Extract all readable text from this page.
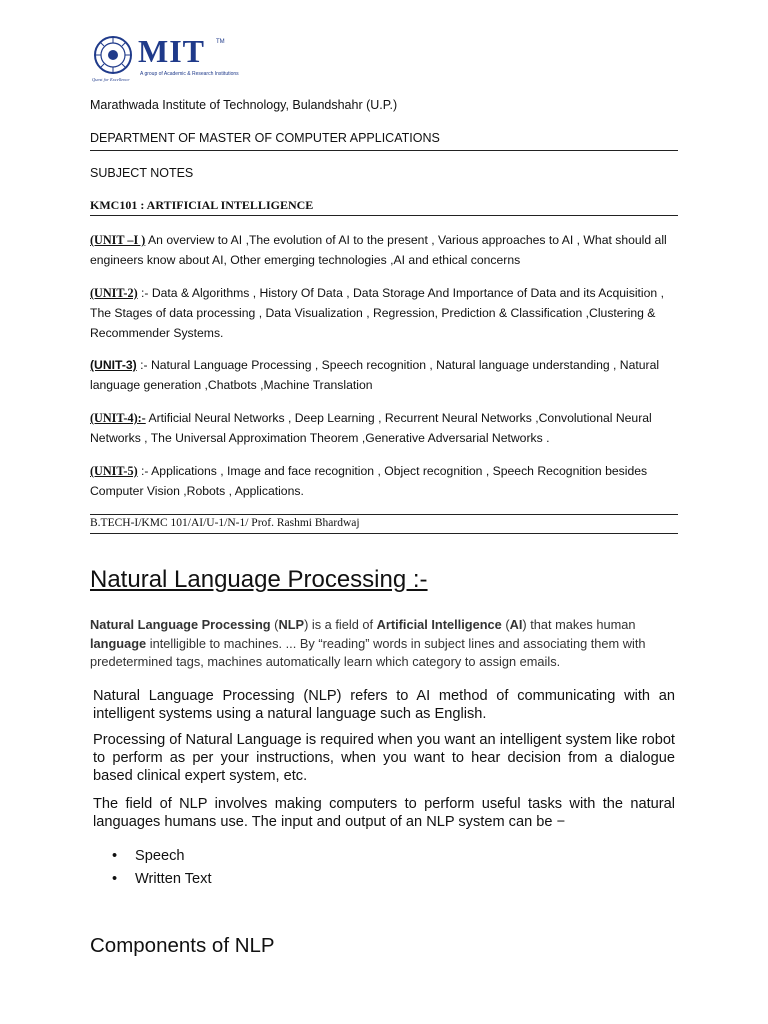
MIT TM
A group of Academic & Research Institutions
Quest for Excellence
Marathwada Institute of Technology, Bulandshahr (U.P.)
DEPARTMENT OF MASTER OF COMPUTER APPLICATIONS
SUBJECT NOTES
KMC101 : ARTIFICIAL INTELLIGENCE
(UNIT –I ) An overview to AI ,The evolution of AI to the present , Various approaches to AI , What should all engineers know about AI, Other emerging technologies ,AI and ethical concerns
(UNIT-2) :- Data & Algorithms , History Of Data , Data Storage And Importance of Data and its Acquisition , The Stages of data processing , Data Visualization , Regression, Prediction & Classification ,Clustering & Recommender Systems.
(UNIT-3) :- Natural Language Processing , Speech recognition , Natural language understanding , Natural language generation ,Chatbots ,Machine Translation
(UNIT-4):- Artificial Neural Networks , Deep Learning , Recurrent Neural Networks ,Convolutional Neural Networks , The Universal Approximation Theorem ,Generative Adversarial Networks .
(UNIT-5) :- Applications , Image and face recognition , Object recognition , Speech Recognition besides Computer Vision ,Robots , Applications.
B.TECH-I/KMC 101/AI/U-1/N-1/ Prof. Rashmi Bhardwaj
Natural Language Processing :-
Natural Language Processing (NLP) is a field of Artificial Intelligence (AI) that makes human language intelligible to machines. ... By “reading” words in subject lines and associating them with predetermined tags, machines automatically learn which category to assign emails.
Natural Language Processing (NLP) refers to AI method of communicating with an intelligent systems using a natural language such as English.
Processing of Natural Language is required when you want an intelligent system like robot to perform as per your instructions, when you want to hear decision from a dialogue based clinical expert system, etc.
The field of NLP involves making computers to perform useful tasks with the natural languages humans use. The input and output of an NLP system can be −
• Speech
• Written Text
Components of NLP
